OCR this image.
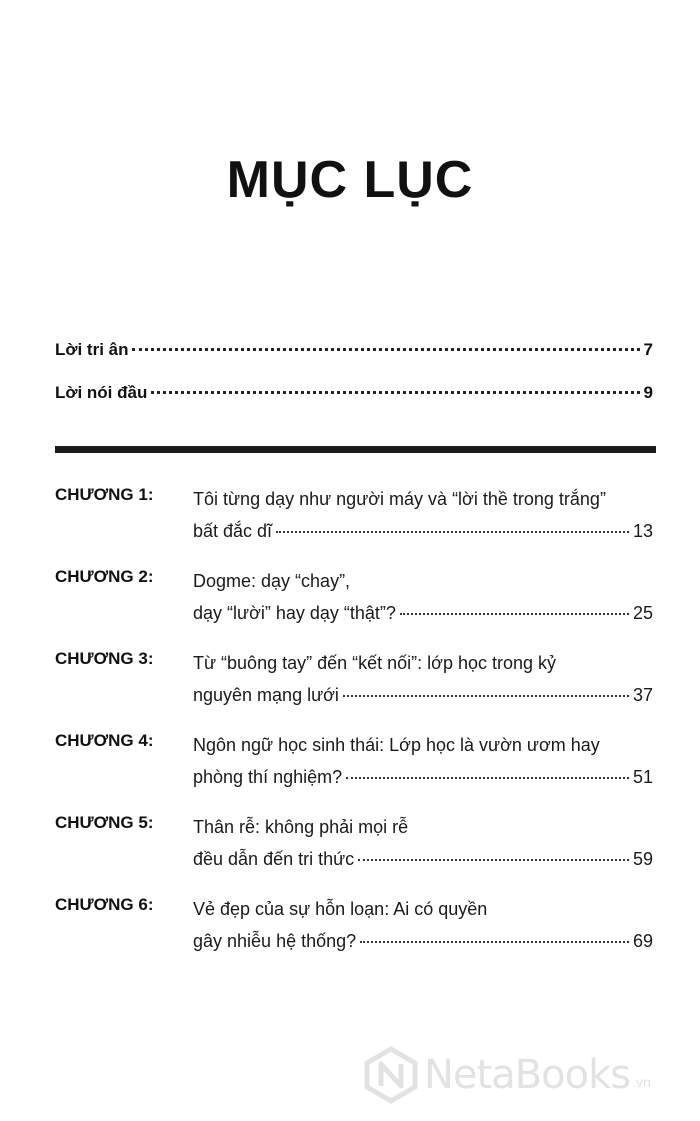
MỤC LỤC
Lời tri ân	7
Lời nói đầu	9
CHƯƠNG 1: Tôi từng dạy như người máy và “lời thề trong trắng”
bất đắc dĩ	13
CHƯƠNG 2: Dogme: dạy “chay”,
dạy “lười” hay dạy “thật”?	25
CHƯƠNG 3: Từ “buông tay” đến “kết nối”: lớp học trong kỷ
nguyên mạng lưới	37
CHƯƠNG 4: Ngôn ngữ học sinh thái: Lớp học là vườn ươm hay
phòng thí nghiệm?	51
CHƯƠNG 5: Thân rễ: không phải mọi rễ
đều dẫn đến tri thức	59
CHƯƠNG 6: Vẻ đẹp của sự hỗn loạn: Ai có quyền
gây nhiễu hệ thống?	69
NetaBooks .vn
